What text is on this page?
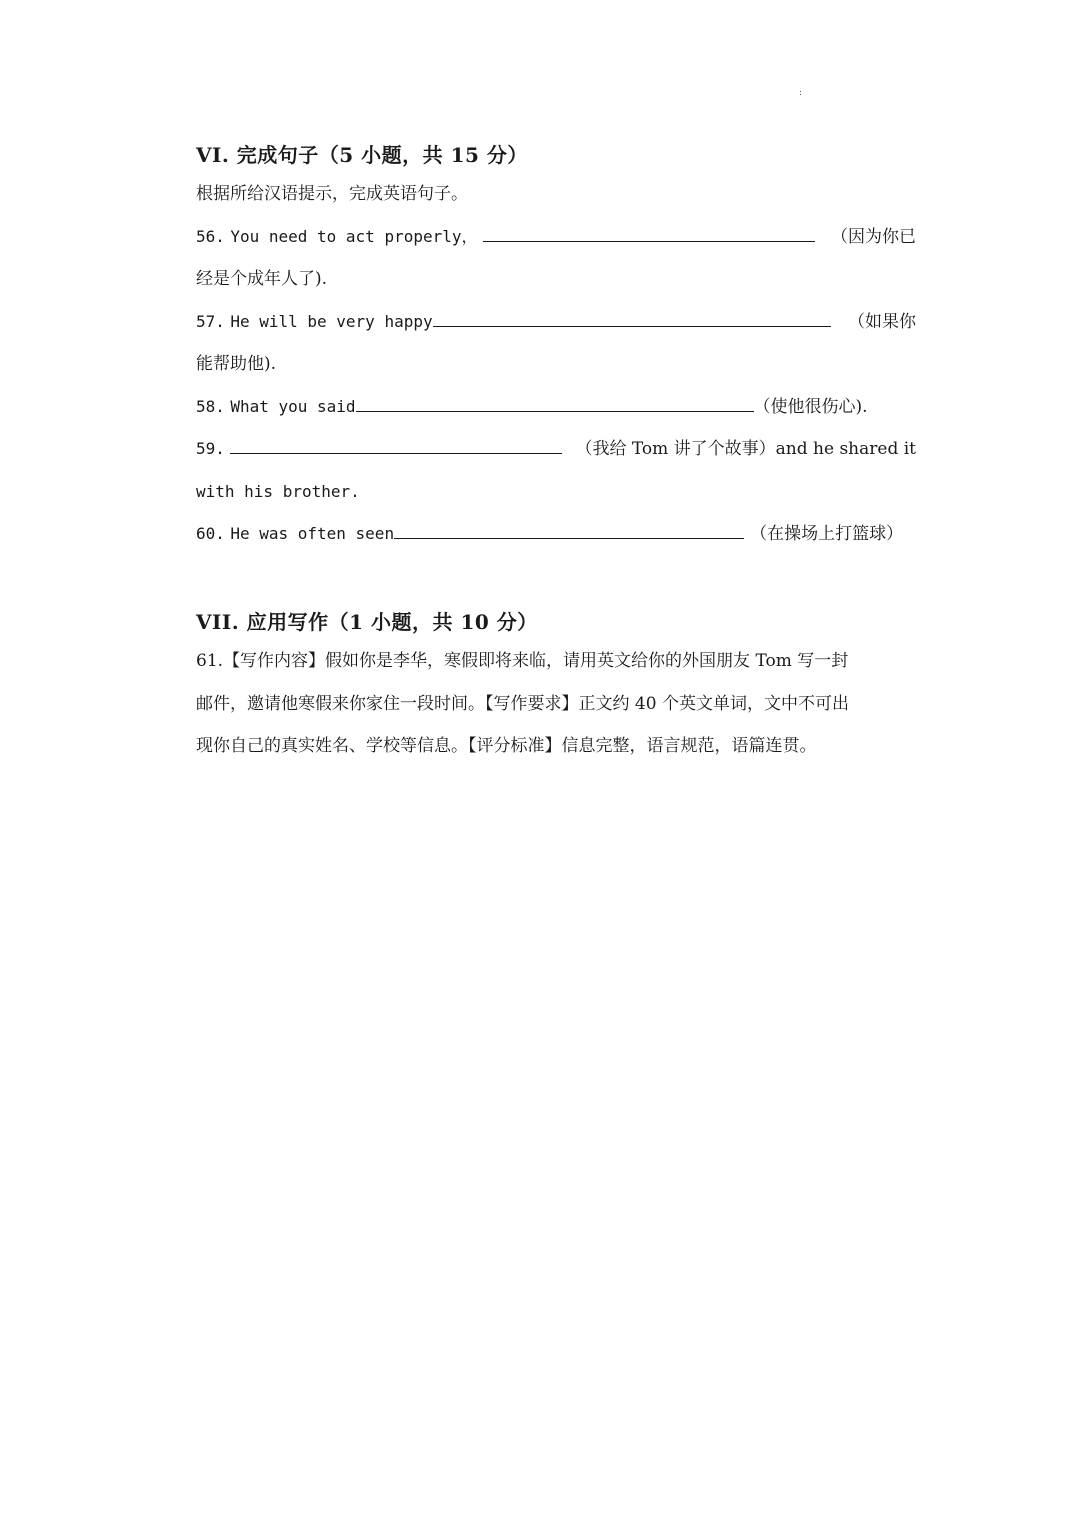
:
VI. 完成句子（5 小题，共 15 分）
根据所给汉语提示，完成英语句子。
56. You need to act properly，	（因为你已
经是个成年人了).
57. He will be very happy	（如果你
能帮助他).
58. What you said	（使他很伤心).
59.	（我给 Tom 讲了个故事）and he shared it
with his brother.
60. He was often seen	（在操场上打篮球）
VII. 应用写作（1 小题，共 10 分）
61.【写作内容】假如你是李华，寒假即将来临，请用英文给你的外国朋友 Tom 写一封
邮件，邀请他寒假来你家住一段时间。【写作要求】正文约 40 个英文单词，文中不可出
现你自己的真实姓名、学校等信息。【评分标准】信息完整，语言规范，语篇连贯。
